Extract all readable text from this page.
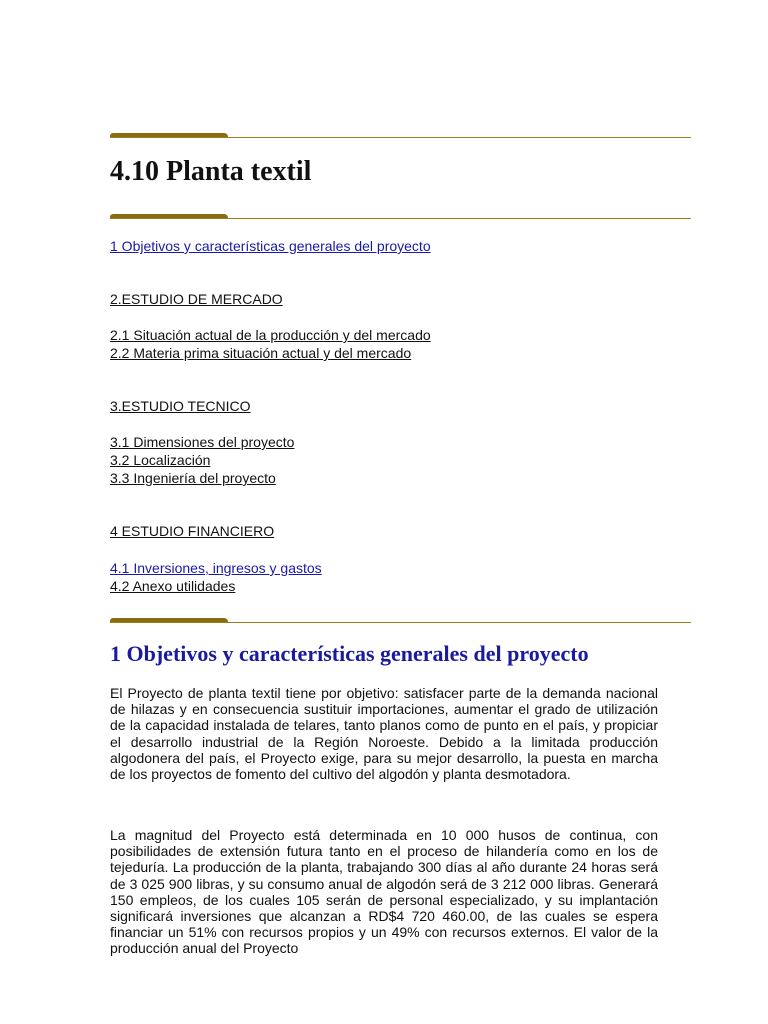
4.10 Planta textil
1 Objetivos y características generales del proyecto
2.ESTUDIO DE MERCADO
2.1 Situación actual de la producción y del mercado
2.2 Materia prima situación actual y del mercado
3.ESTUDIO TECNICO
3.1 Dimensiones del proyecto
3.2 Localización
3.3 Ingeniería del proyecto
4 ESTUDIO FINANCIERO
4.1 Inversiones, ingresos y gastos
4.2 Anexo utilidades
1 Objetivos y características generales del proyecto

El Proyecto de planta textil tiene por objetivo: satisfacer parte de la demanda nacional de hilazas y en consecuencia sustituir importaciones, aumentar el grado de utilización de la capacidad instalada de telares, tanto planos como de punto en el país, y propiciar el desarrollo industrial de la Región Noroeste. Debido a la limitada producción algodonera del país, el Proyecto exige, para su mejor desarrollo, la puesta en marcha de los proyectos de fomento del cultivo del algodón y planta desmotadora.

La magnitud del Proyecto está determinada en 10 000 husos de continua, con posibilidades de extensión futura tanto en el proceso de hilandería como en los de tejeduría. La producción de la planta, trabajando 300 días al año durante 24 horas será de 3 025 900 libras, y su consumo anual de algodón será de 3 212 000 libras. Generará 150 empleos, de los cuales 105 serán de personal especializado, y su implantación significará inversiones que alcanzan a RD$4 720 460.00, de las cuales se espera financiar un 51% con recursos propios y un 49% con recursos externos. El valor de la producción anual del Proyecto
